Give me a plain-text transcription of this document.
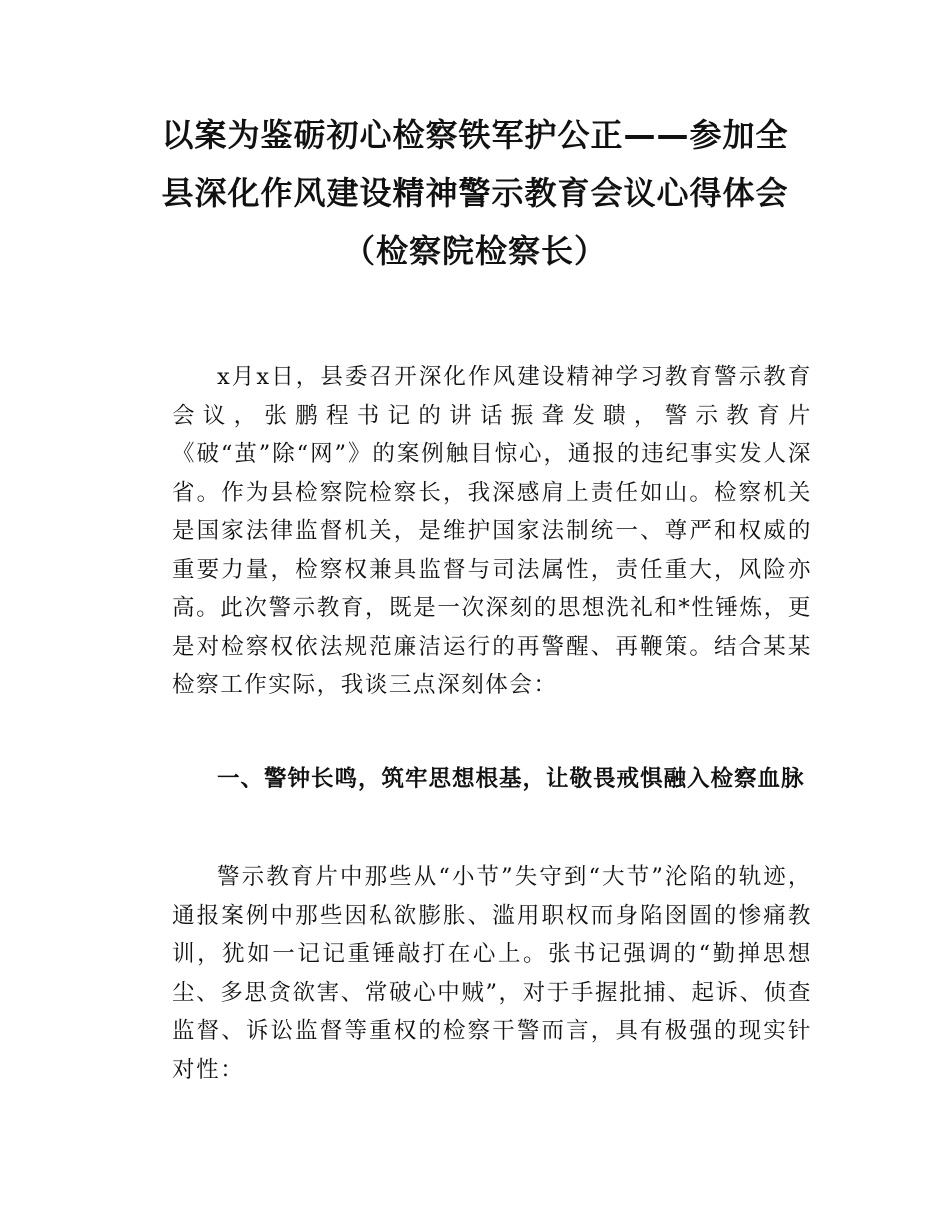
以案为鉴砺初心检察铁军护公正——参加全
县深化作风建设精神警示教育会议心得体会
（检察院检察长）

x月x日，县委召开深化作风建设精神学习教育警示教育会议，张鹏程书记的讲话振聋发聩，警示教育片《破“茧”除“网”》的案例触目惊心，通报的违纪事实发人深省。作为县检察院检察长，我深感肩上责任如山。检察机关是国家法律监督机关，是维护国家法制统一、尊严和权威的重要力量，检察权兼具监督与司法属性，责任重大，风险亦高。此次警示教育，既是一次深刻的思想洗礼和*性锤炼，更是对检察权依法规范廉洁运行的再警醒、再鞭策。结合某某检察工作实际，我谈三点深刻体会：

一、警钟长鸣，筑牢思想根基，让敬畏戒惧融入检察血脉

警示教育片中那些从“小节”失守到“大节”沦陷的轨迹，通报案例中那些因私欲膨胀、滥用职权而身陷囹圄的惨痛教训，犹如一记记重锤敲打在心上。张书记强调的“勤掸思想尘、多思贪欲害、常破心中贼”，对于手握批捕、起诉、侦查监督、诉讼监督等重权的检察干警而言，具有极强的现实针对性：
